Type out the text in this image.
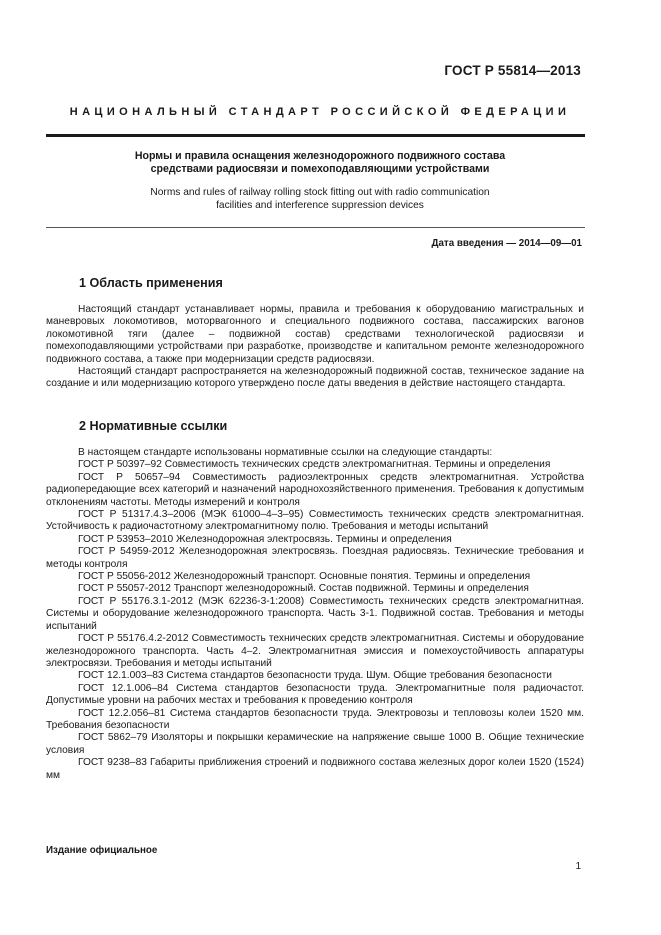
ГОСТ Р 55814—2013
НАЦИОНАЛЬНЫЙ СТАНДАРТ РОССИЙСКОЙ ФЕДЕРАЦИИ
Нормы и правила оснащения железнодорожного подвижного состава
средствами радиосвязи и помехоподавляющими устройствами
Norms and rules of railway rolling stock fitting out with radio communication
facilities and interference suppression devices
Дата введения — 2014—09—01
1 Область применения

Настоящий стандарт устанавливает нормы, правила и требования к оборудованию магистральных и маневровых локомотивов, моторвагонного и специального подвижного состава, пассажирских вагонов локомотивной тяги (далее – подвижной состав) средствами технологической радиосвязи и помехоподавляющими устройствами при разработке, производстве и капитальном ремонте железнодорожного подвижного состава, а также при модернизации средств радиосвязи.

Настоящий стандарт распространяется на железнодорожный подвижной состав, техническое задание на создание и или модернизацию которого утверждено после даты введения в действие настоящего стандарта.

2 Нормативные ссылки

В настоящем стандарте использованы нормативные ссылки на следующие стандарты:

ГОСТ Р 50397–92 Совместимость технических средств электромагнитная. Термины и определения

ГОСТ Р 50657–94 Совместимость радиоэлектронных средств электромагнитная. Устройства радиопередающие всех категорий и назначений народнохозяйственного применения. Требования к допустимым отклонениям частоты. Методы измерений и контроля

ГОСТ Р 51317.4.3–2006 (МЭК 61000–4–3–95) Совместимость технических средств электромагнитная. Устойчивость к радиочастотному электромагнитному полю. Требования и методы испытаний

ГОСТ Р 53953–2010 Железнодорожная электросвязь. Термины и определения

ГОСТ Р 54959-2012 Железнодорожная электросвязь. Поездная радиосвязь. Технические требования и методы контроля

ГОСТ Р 55056-2012 Железнодорожный транспорт. Основные понятия. Термины и определения

ГОСТ Р 55057-2012 Транспорт железнодорожный. Состав подвижной. Термины и определения

ГОСТ Р 55176.3.1-2012 (МЭК 62236-3-1:2008) Совместимость технических средств электромагнитная. Системы и оборудование железнодорожного транспорта. Часть 3-1. Подвижной состав. Требования и методы испытаний

ГОСТ Р 55176.4.2-2012 Совместимость технических средств электромагнитная. Системы и оборудование железнодорожного транспорта. Часть 4–2. Электромагнитная эмиссия и помехоустойчивость аппаратуры электросвязи. Требования и методы испытаний

ГОСТ 12.1.003–83 Система стандартов безопасности труда. Шум. Общие требования безопасности

ГОСТ 12.1.006–84 Система стандартов безопасности труда. Электромагнитные поля радиочастот. Допустимые уровни на рабочих местах и требования к проведению контроля

ГОСТ 12.2.056–81 Система стандартов безопасности труда. Электровозы и тепловозы колеи 1520 мм. Требования безопасности

ГОСТ 5862–79 Изоляторы и покрышки керамические на напряжение свыше 1000 В. Общие технические условия

ГОСТ 9238–83 Габариты приближения строений и подвижного состава железных дорог колеи 1520 (1524) мм

Издание официальное
1
